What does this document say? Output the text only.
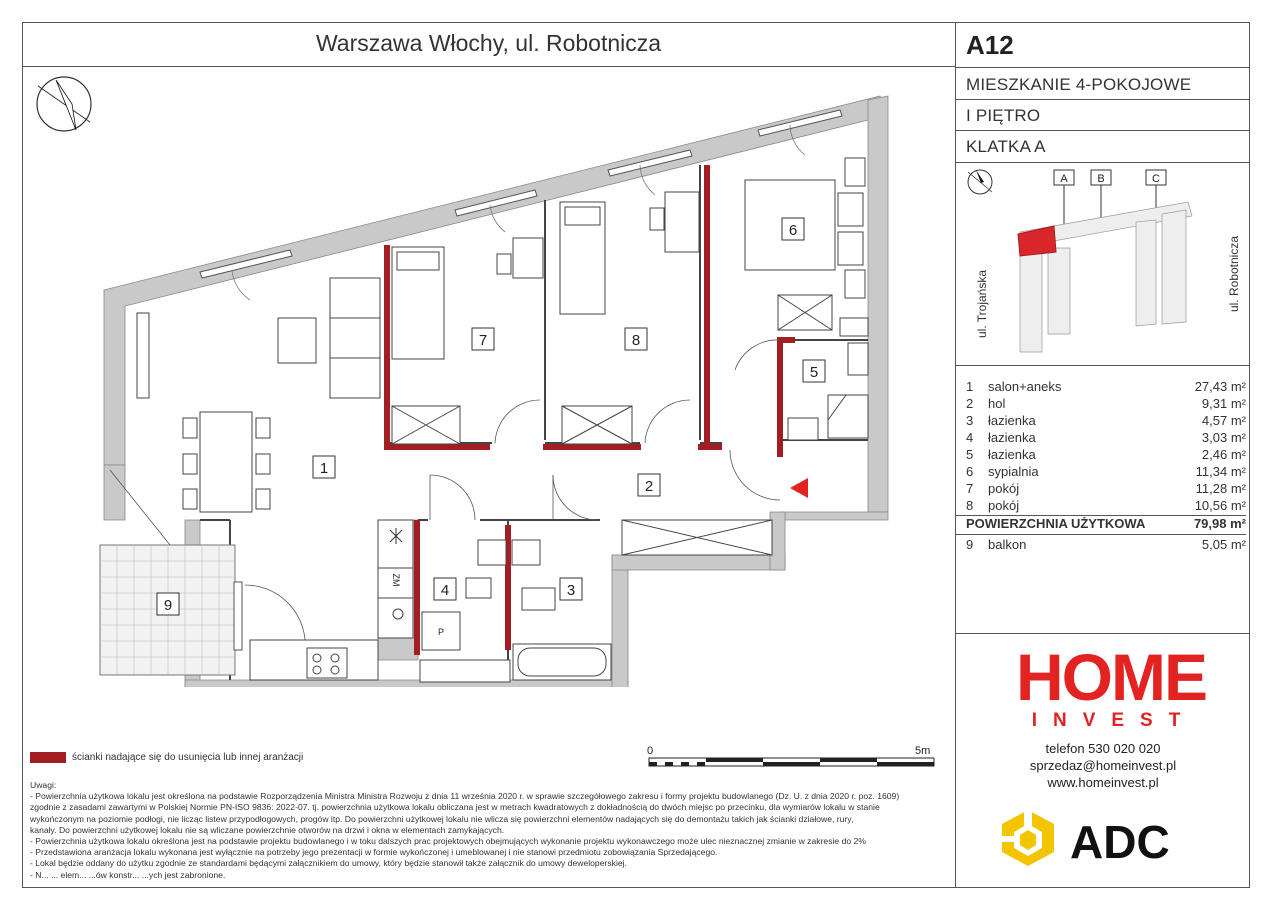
Warszawa Włochy, ul. Robotnicza
1
2
3
4
5
6
7	8
9
ZM
P
A12
MIESZKANIE 4-POKOJOWE
I PIĘTRO
KLATKA A
A	B	C
ul. Trojańska	ul. Robotnicza
1	salon+aneks	27,43 m²
2	hol	9,31 m²
3	łazienka	4,57 m²
4	łazienka	3,03 m²
5	łazienka	2,46 m²
6	sypialnia	11,34 m²
7	pokój	11,28 m²
8	pokój	10,56 m²
POWIERZCHNIA UŻYTKOWA	79,98 m²
9	balkon	5,05 m²
HOME
INVEST
telefon 530 020 020
sprzedaz@homeinvest.pl
www.homeinvest.pl
ADC
ścianki nadające się do usunięcia lub innej aranżacji
0	5m
Uwagi:
- Powierzchnia użytkowa lokalu jest określona na podstawie Rozporządzenia Ministra Ministra Rozwoju z dnia 11 września 2020 r. w sprawie szczegółowego zakresu i formy projektu budowlanego (Dz. U. z dnia 2020 r. poz. 1609)
zgodnie z zasadami zawartymi w Polskiej Normie PN-ISO 9836: 2022-07. tj. powierzchnia użytkowa lokalu obliczana jest w metrach kwadratowych z dokładnością do dwóch miejsc po przecinku, dla wymiarów lokalu w stanie
wykończonym na poziomie podłogi, nie licząc listew przypodłogowych, progów itp. Do powierzchni użytkowej lokalu nie wlicza się powierzchni elementów nadających się do demontażu takich jak ścianki działowe, rury,
kanały. Do powierzchni użytkowej lokalu nie są wliczane powierzchnie otworów na drzwi i okna w elementach zamykających.
- Powierzchnia użytkowa lokalu określona jest na podstawie projektu budowlanego i w toku dalszych prac projektowych obejmujących wykonanie projektu wykonawczego może ulec nieznacznej zmianie w zakresie do 2%
- Przedstawiona aranżacja lokalu wykonana jest wyłącznie na potrzeby jego prezentacji w formie wykończonej i umeblowanej i nie stanowi przedmiotu zobowiązania Sprzedającego.
- Lokal będzie oddany do użytku zgodnie ze standardami będącymi załącznikiem do umowy, który będzie stanowił także załącznik do umowy deweloperskiej.
- N... ... elem... ...ów konstr... ...ych jest zabronione.
